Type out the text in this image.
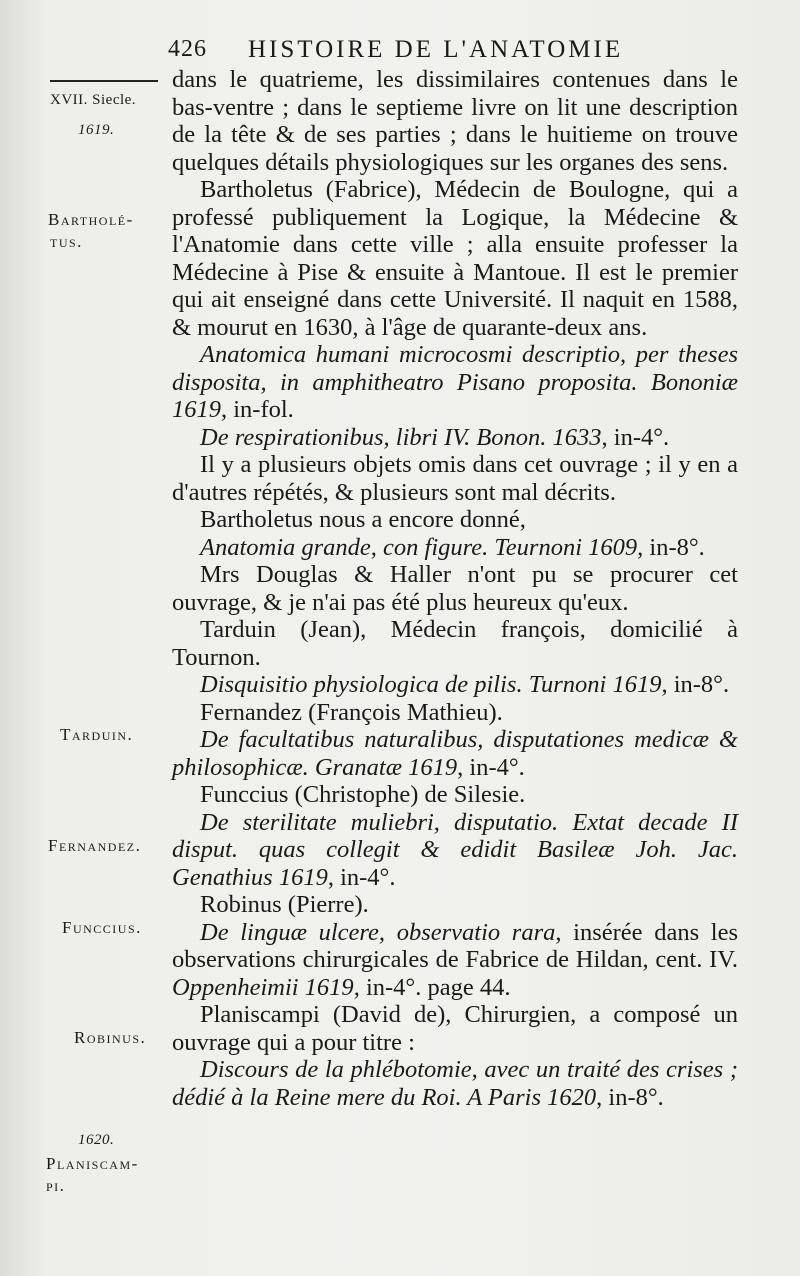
426 HISTOIRE DE L'ANATOMIE
XVII. Siecle.
1619.
Bartholé-
tus.
Tarduin.
Fernandez.
Funccius.
Robinus.
1620.
Planiscam-
pi.

dans le quatrieme, les dissimilaires contenues dans le bas-ventre ; dans le septieme livre on lit une description de la tête & de ses parties ; dans le huitieme on trouve quelques détails physiologiques sur les organes des sens.

Bartholetus (Fabrice), Médecin de Boulogne, qui a professé publiquement la Logique, la Médecine & l'Anatomie dans cette ville ; alla ensuite professer la Médecine à Pise & ensuite à Mantoue. Il est le premier qui ait enseigné dans cette Université. Il naquit en 1588, & mourut en 1630, à l'âge de quarante-deux ans.

Anatomica humani microcosmi descriptio, per theses disposita, in amphitheatro Pisano proposita. Bononiæ 1619, in-fol.

De respirationibus, libri IV. Bonon. 1633, in-4°.

Il y a plusieurs objets omis dans cet ouvrage ; il y en a d'autres répétés, & plusieurs sont mal décrits.

Bartholetus nous a encore donné,

Anatomia grande, con figure. Teurnoni 1609, in-8°.

Mrs Douglas & Haller n'ont pu se procurer cet ouvrage, & je n'ai pas été plus heureux qu'eux.

Tarduin (Jean), Médecin françois, domicilié à Tournon.

Disquisitio physiologica de pilis. Turnoni 1619, in-8°.

Fernandez (François Mathieu).

De facultatibus naturalibus, disputationes medicæ & philosophicæ. Granatæ 1619, in-4°.

Funccius (Christophe) de Silesie.

De sterilitate muliebri, disputatio. Extat decade II disput. quas collegit & edidit Basileæ Joh. Jac. Genathius 1619, in-4°.

Robinus (Pierre).

De linguæ ulcere, observatio rara, insérée dans les observations chirurgicales de Fabrice de Hildan, cent. IV. Oppenheimii 1619, in-4°. page 44.

Planiscampi (David de), Chirurgien, a composé un ouvrage qui a pour titre :

Discours de la phlébotomie, avec un traité des crises ; dédié à la Reine mere du Roi. A Paris 1620, in-8°.
